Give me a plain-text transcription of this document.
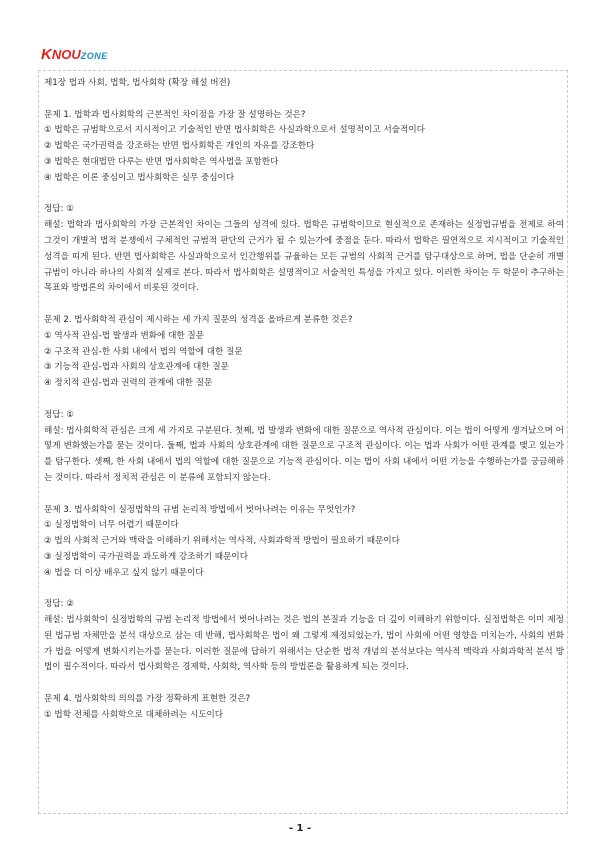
KNOUZONE

제1장 법과 사회, 법학, 법사회학 (확장 해설 버전)

문제 1. 법학과 법사회학의 근본적인 차이점을 가장 잘 설명하는 것은?

① 법학은 규범학으로서 지시적이고 기술적인 반면 법사회학은 사실과학으로서 설명적이고 서술적이다

② 법학은 국가권력을 강조하는 반면 법사회학은 개인의 자유를 강조한다

③ 법학은 현대법만 다루는 반면 법사회학은 역사법을 포함한다

④ 법학은 이론 중심이고 법사회학은 실무 중심이다

정답: ①

해설: 법학과 법사회학의 가장 근본적인 차이는 그들의 성격에 있다. 법학은 규범학이므로 현실적으로 존재하는 실정법규범을 전제로 하여 그것이 개별적 법적 분쟁에서 구체적인 규범적 판단의 근거가 될 수 있는가에 중점을 둔다. 따라서 법학은 필연적으로 지시적이고 기술적인 성격을 띠게 된다. 반면 법사회학은 사실과학으로서 인간행위를 규율하는 모든 규범의 사회적 근거를 탐구대상으로 하며, 법을 단순히 개별 규범이 아니라 하나의 사회적 실제로 본다. 따라서 법사회학은 설명적이고 서술적인 특성을 가지고 있다. 이러한 차이는 두 학문이 추구하는 목표와 방법론의 차이에서 비롯된 것이다.

문제 2. 법사회학적 관심이 제시하는 세 가지 질문의 성격을 올바르게 분류한 것은?

① 역사적 관심-법 발생과 변화에 대한 질문

② 구조적 관심-한 사회 내에서 법의 역할에 대한 질문

③ 기능적 관심-법과 사회의 상호관계에 대한 질문

④ 정치적 관심-법과 권력의 관계에 대한 질문

정답: ①

해설: 법사회학적 관심은 크게 세 가지로 구분된다. 첫째, 법 발생과 변화에 대한 질문으로 역사적 관심이다. 이는 법이 어떻게 생겨났으며 어떻게 변화했는가를 묻는 것이다. 둘째, 법과 사회의 상호관계에 대한 질문으로 구조적 관심이다. 이는 법과 사회가 어떤 관계를 맺고 있는가를 탐구한다. 셋째, 한 사회 내에서 법의 역할에 대한 질문으로 기능적 관심이다. 이는 법이 사회 내에서 어떤 기능을 수행하는가를 궁금해하는 것이다. 따라서 정치적 관심은 이 분류에 포함되지 않는다.

문제 3. 법사회학이 실정법학의 규범 논리적 방법에서 벗어나려는 이유는 무엇인가?

① 실정법학이 너무 어렵기 때문이다

② 법의 사회적 근거와 맥락을 이해하기 위해서는 역사적, 사회과학적 방법이 필요하기 때문이다

③ 실정법학이 국가권력을 과도하게 강조하기 때문이다

④ 법을 더 이상 배우고 싶지 않기 때문이다

정답: ②

해설: 법사회학이 실정법학의 규범 논리적 방법에서 벗어나려는 것은 법의 본질과 기능을 더 깊이 이해하기 위함이다. 실정법학은 이미 제정된 법규범 자체만을 분석 대상으로 삼는 데 반해, 법사회학은 법이 왜 그렇게 제정되었는가, 법이 사회에 어떤 영향을 미치는가, 사회의 변화가 법을 어떻게 변화시키는가를 묻는다. 이러한 질문에 답하기 위해서는 단순한 법적 개념의 분석보다는 역사적 맥락과 사회과학적 분석 방법이 필수적이다. 따라서 법사회학은 경제학, 사회학, 역사학 등의 방법론을 활용하게 되는 것이다.

문제 4. 법사회학의 의의를 가장 정확하게 표현한 것은?

① 법학 전체를 사회학으로 대체하려는 시도이다

- 1 -
